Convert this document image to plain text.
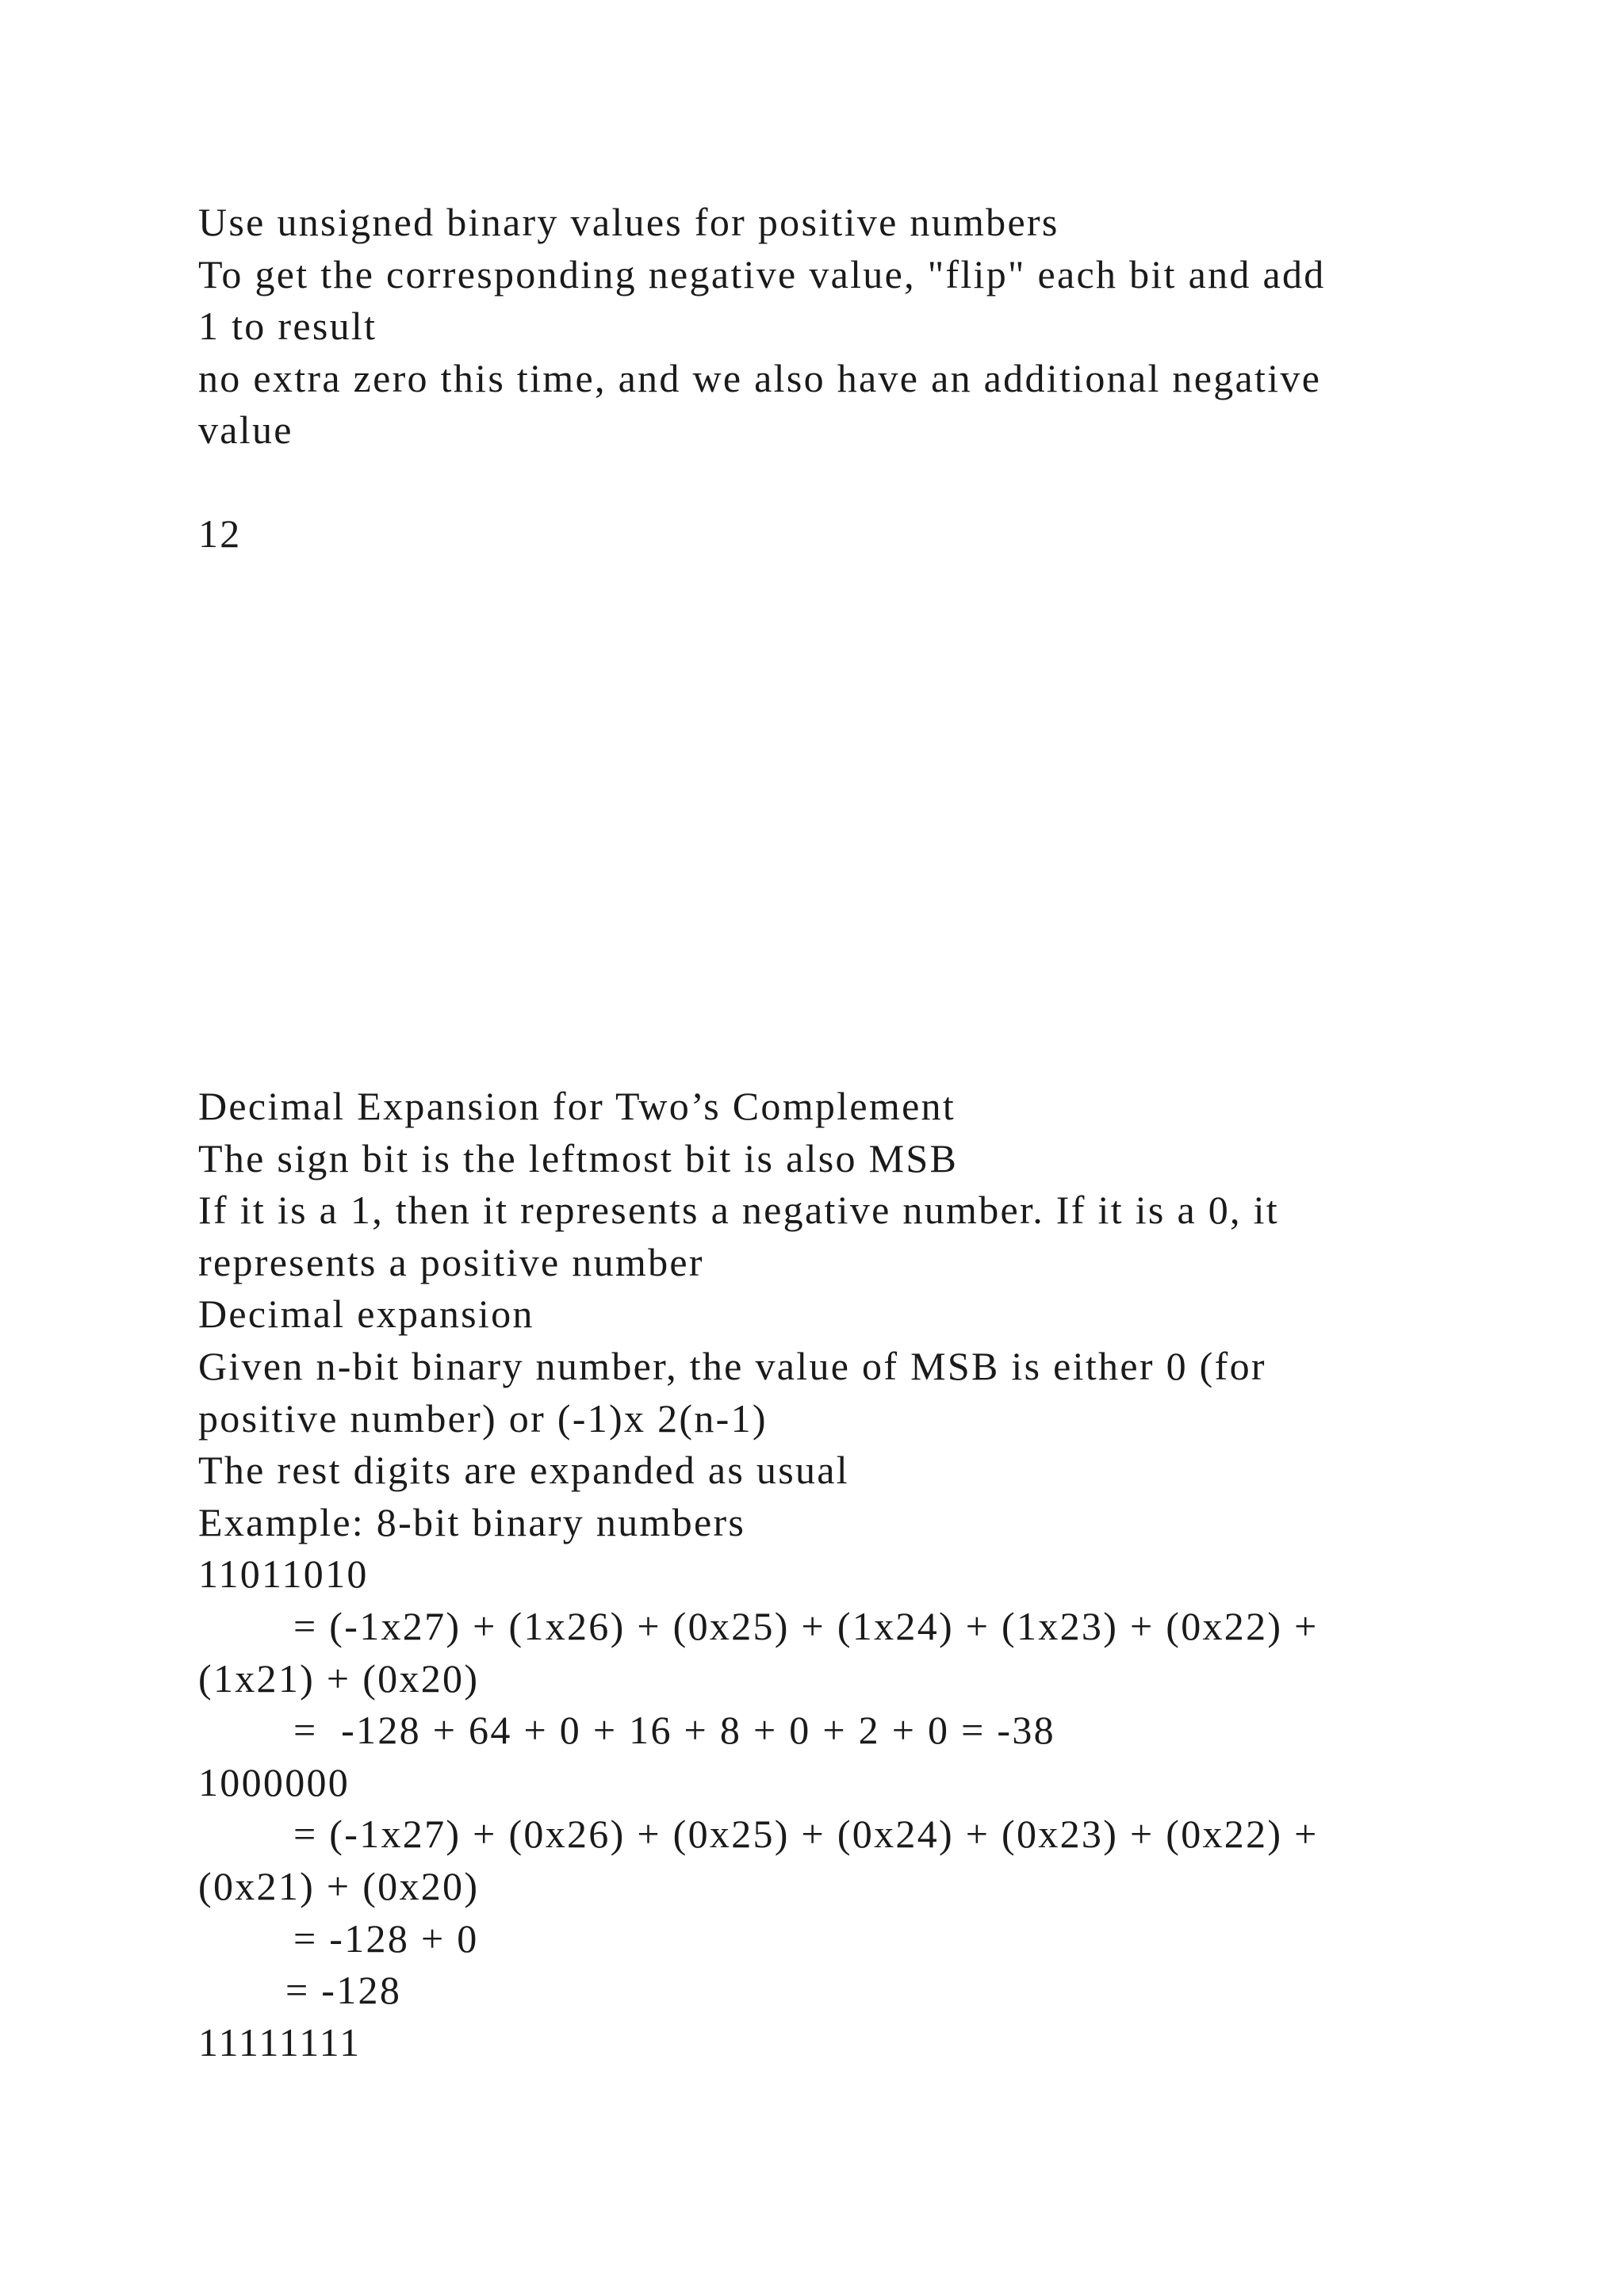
Use unsigned binary values for positive numbers

To get the corresponding negative value, "flip" each bit and add

1 to result

no extra zero this time, and we also have an additional negative

value

12

Decimal Expansion for Two’s Complement

The sign bit is the leftmost bit is also MSB

If it is a 1, then it represents a negative number. If it is a 0, it

represents a positive number

Decimal expansion

Given n-bit binary number, the value of MSB is either 0 (for

positive number) or (-1)x 2(n-1)

The rest digits are expanded as usual

Example: 8-bit binary numbers

11011010

= (-1x27) + (1x26) + (0x25) + (1x24) + (1x23) + (0x22) +

(1x21) + (0x20)

=  -128 + 64 + 0 + 16 + 8 + 0 + 2 + 0 = -38

1000000

= (-1x27) + (0x26) + (0x25) + (0x24) + (0x23) + (0x22) +

(0x21) + (0x20)

= -128 + 0

= -128

11111111
